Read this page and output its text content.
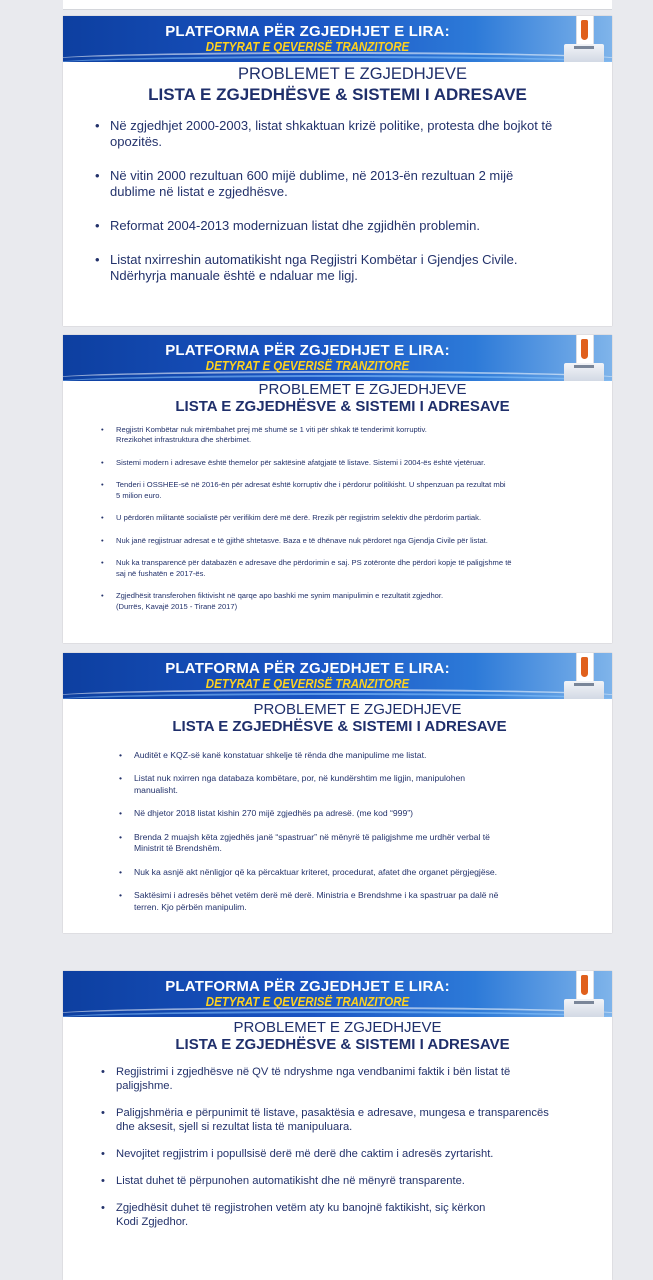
PLATFORMA PËR ZGJEDHJET E LIRA:
DETYRAT E QEVERISË TRANZITORE
PROBLEMET E ZGJEDHJEVE
LISTA E ZGJEDHËSVE & SISTEMI I ADRESAVE
• Në zgjedhjet 2000-2003, listat shkaktuan krizë politike, protesta dhe bojkot të
opozitës.
• Në vitin 2000 rezultuan 600 mijë dublime, në 2013-ën rezultuan 2 mijë
dublime në listat e zgjedhësve.
• Reformat 2004-2013 modernizuan listat dhe zgjidhën problemin.
• Listat nxirreshin automatikisht nga Regjistri Kombëtar i Gjendjes Civile.
Ndërhyrja manuale është e ndaluar me ligj.
PLATFORMA PËR ZGJEDHJET E LIRA:
DETYRAT E QEVERISË TRANZITORE
PROBLEMET E ZGJEDHJEVE
LISTA E ZGJEDHËSVE & SISTEMI I ADRESAVE
• Regjistri Kombëtar nuk mirëmbahet prej më shumë se 1 viti për shkak të tenderimit korruptiv.
Rrezikohet infrastruktura dhe shërbimet.
• Sistemi modern i adresave është themelor për saktësinë afatgjatë të listave. Sistemi i 2004-ës është vjetëruar.
• Tenderi i OSSHEE-së në 2016-ën për adresat është korruptiv dhe i përdorur politikisht. U shpenzuan pa rezultat mbi
5 milion euro.
• U përdorën militantë socialistë për verifikim derë më derë. Rrezik për regjistrim selektiv dhe përdorim partiak.
• Nuk janë regjistruar adresat e të gjithë shtetasve. Baza e të dhënave nuk përdoret nga Gjendja Civile për listat.
• Nuk ka transparencë për databazën e adresave dhe përdorimin e saj. PS zotëronte dhe përdori kopje të paligjshme të
saj në fushatën e 2017-ës.
• Zgjedhësit transferohen fiktivisht në qarqe apo bashki me synim manipulimin e rezultatit zgjedhor.
(Durrës, Kavajë 2015 - Tiranë 2017)
PLATFORMA PËR ZGJEDHJET E LIRA:
DETYRAT E QEVERISË TRANZITORE
PROBLEMET E ZGJEDHJEVE
LISTA E ZGJEDHËSVE & SISTEMI I ADRESAVE
• Auditët e KQZ-së kanë konstatuar shkelje të rënda dhe manipulime me listat.
• Listat nuk nxirren nga databaza kombëtare, por, në kundërshtim me ligjin, manipulohen
manualisht.
• Në dhjetor 2018 listat kishin 270 mijë zgjedhës pa adresë. (me kod “999”)
• Brenda 2 muajsh këta zgjedhës janë “spastruar” në mënyrë të paligjshme me urdhër verbal të
Ministrit të Brendshëm.
• Nuk ka asnjë akt nënligjor që ka përcaktuar kriteret, procedurat, afatet dhe organet përgjegjëse.
• Saktësimi i adresës bëhet vetëm derë më derë. Ministria e Brendshme i ka spastruar pa dalë në
terren. Kjo përbën manipulim.
PLATFORMA PËR ZGJEDHJET E LIRA:
DETYRAT E QEVERISË TRANZITORE
PROBLEMET E ZGJEDHJEVE
LISTA E ZGJEDHËSVE & SISTEMI I ADRESAVE
• Regjistrimi i zgjedhësve në QV të ndryshme nga vendbanimi faktik i bën listat të
paligjshme.
• Paligjshmëria e përpunimit të listave, pasaktësia e adresave, mungesa e transparencës
dhe aksesit, sjell si rezultat lista të manipuluara.
• Nevojitet regjistrim i popullsisë derë më derë dhe caktim i adresës zyrtarisht.
• Listat duhet të përpunohen automatikisht dhe në mënyrë transparente.
• Zgjedhësit duhet të regjistrohen vetëm aty ku banojnë faktikisht, siç kërkon
Kodi Zgjedhor.
